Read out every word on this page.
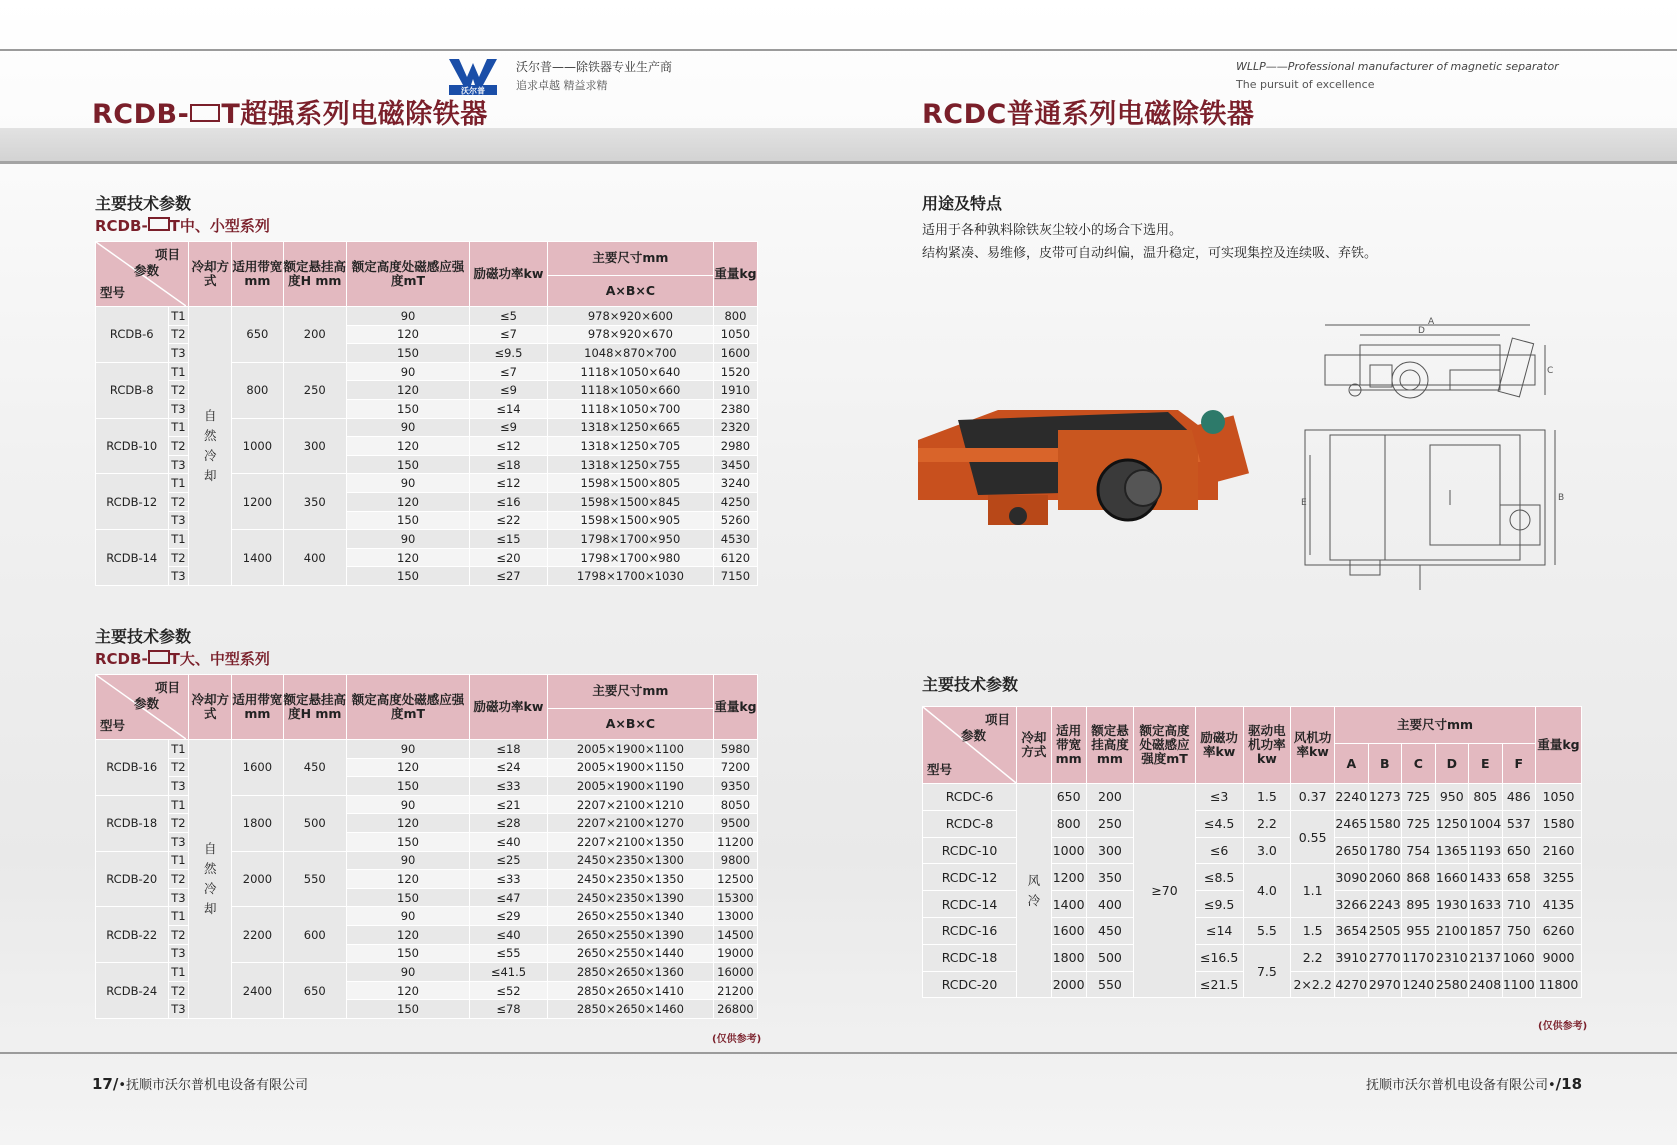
沃尔普
沃尔普——除铁器专业生产商
追求卓越 精益求精
WLLP——Professional manufacturer of magnetic separator
The pursuit of excellence
RCDB- T超强系列电磁除铁器	RCDC普通系列电磁除铁器
主要技术参数
RCDB- T中、小型系列
项目
参数
型号		冷却方式	适用带宽mm	额定悬挂高度H mm	额定高度处磁感应强度mT	励磁功率kw	主要尺寸mm	重量kg
							A×B×C	
RCDB-6	T1	自
然
冷
却	650	200	90	≤5	978×920×600	800
	T2				120	≤7	978×920×670	1050
	T3				150	≤9.5	1048×870×700	1600
RCDB-8	T1		800	250	90	≤7	1118×1050×640	1520
	T2				120	≤9	1118×1050×660	1910
	T3				150	≤14	1118×1050×700	2380
RCDB-10	T1		1000	300	90	≤9	1318×1250×665	2320
	T2				120	≤12	1318×1250×705	2980
	T3				150	≤18	1318×1250×755	3450
RCDB-12	T1		1200	350	90	≤12	1598×1500×805	3240
	T2				120	≤16	1598×1500×845	4250
	T3				150	≤22	1598×1500×905	5260
RCDB-14	T1		1400	400	90	≤15	1798×1700×950	4530
	T2				120	≤20	1798×1700×980	6120
	T3				150	≤27	1798×1700×1030	7150
主要技术参数
RCDB- T大、中型系列
项目
参数
型号		冷却方式	适用带宽mm	额定悬挂高度H mm	额定高度处磁感应强度mT	励磁功率kw	主要尺寸mm	重量kg
							A×B×C	
RCDB-16	T1	自
然
冷
却	1600	450	90	≤18	2005×1900×1100	5980
	T2				120	≤24	2005×1900×1150	7200
	T3				150	≤33	2005×1900×1190	9350
RCDB-18	T1		1800	500	90	≤21	2207×2100×1210	8050
	T2				120	≤28	2207×2100×1270	9500
	T3				150	≤40	2207×2100×1350	11200
RCDB-20	T1		2000	550	90	≤25	2450×2350×1300	9800
	T2				120	≤33	2450×2350×1350	12500
	T3				150	≤47	2450×2350×1390	15300
RCDB-22	T1		2200	600	90	≤29	2650×2550×1340	13000
	T2				120	≤40	2650×2550×1390	14500
	T3				150	≤55	2650×2550×1440	19000
RCDB-24	T1		2400	650	90	≤41.5	2850×2650×1360	16000
	T2				120	≤52	2850×2650×1410	21200
	T3				150	≤78	2850×2650×1460	26800
(仅供参考)
用途及特点
适用于各种孰料除铁灰尘较小的场合下选用。
结构紧凑、易维修，皮带可自动纠偏，温升稳定，可实现集控及连续吸、弃铁。
A
D
C
E	B
主要技术参数
项目
参数
型号	冷却方式	适用带宽mm	额定悬挂高度mm	额定高度处磁感应强度mT	励磁功率kw	驱动电机功率kw	风机功率kw	主要尺寸mm						重量kg
								A	B	C	D	E	F	
RCDC-6	风
冷	650	200	≥70	≤3	1.5	0.37	2240	1273	725	950	805	486	1050
RCDC-8		800	250		≤4.5	2.2	0.55	2465	1580	725	1250	1004	537	1580
RCDC-10		1000	300		≤6	3.0		2650	1780	754	1365	1193	650	2160
RCDC-12		1200	350		≤8.5	4.0	1.1	3090	2060	868	1660	1433	658	3255
RCDC-14		1400	400		≤9.5			3266	2243	895	1930	1633	710	4135
RCDC-16		1600	450		≤14	5.5	1.5	3654	2505	955	2100	1857	750	6260
RCDC-18		1800	500		≤16.5	7.5	2.2	3910	2770	1170	2310	2137	1060	9000
RCDC-20		2000	550		≤21.5		2×2.2	4270	2970	1240	2580	2408	1100	11800
(仅供参考)
17/•抚顺市沃尔普机电设备有限公司	抚顺市沃尔普机电设备有限公司•/18
